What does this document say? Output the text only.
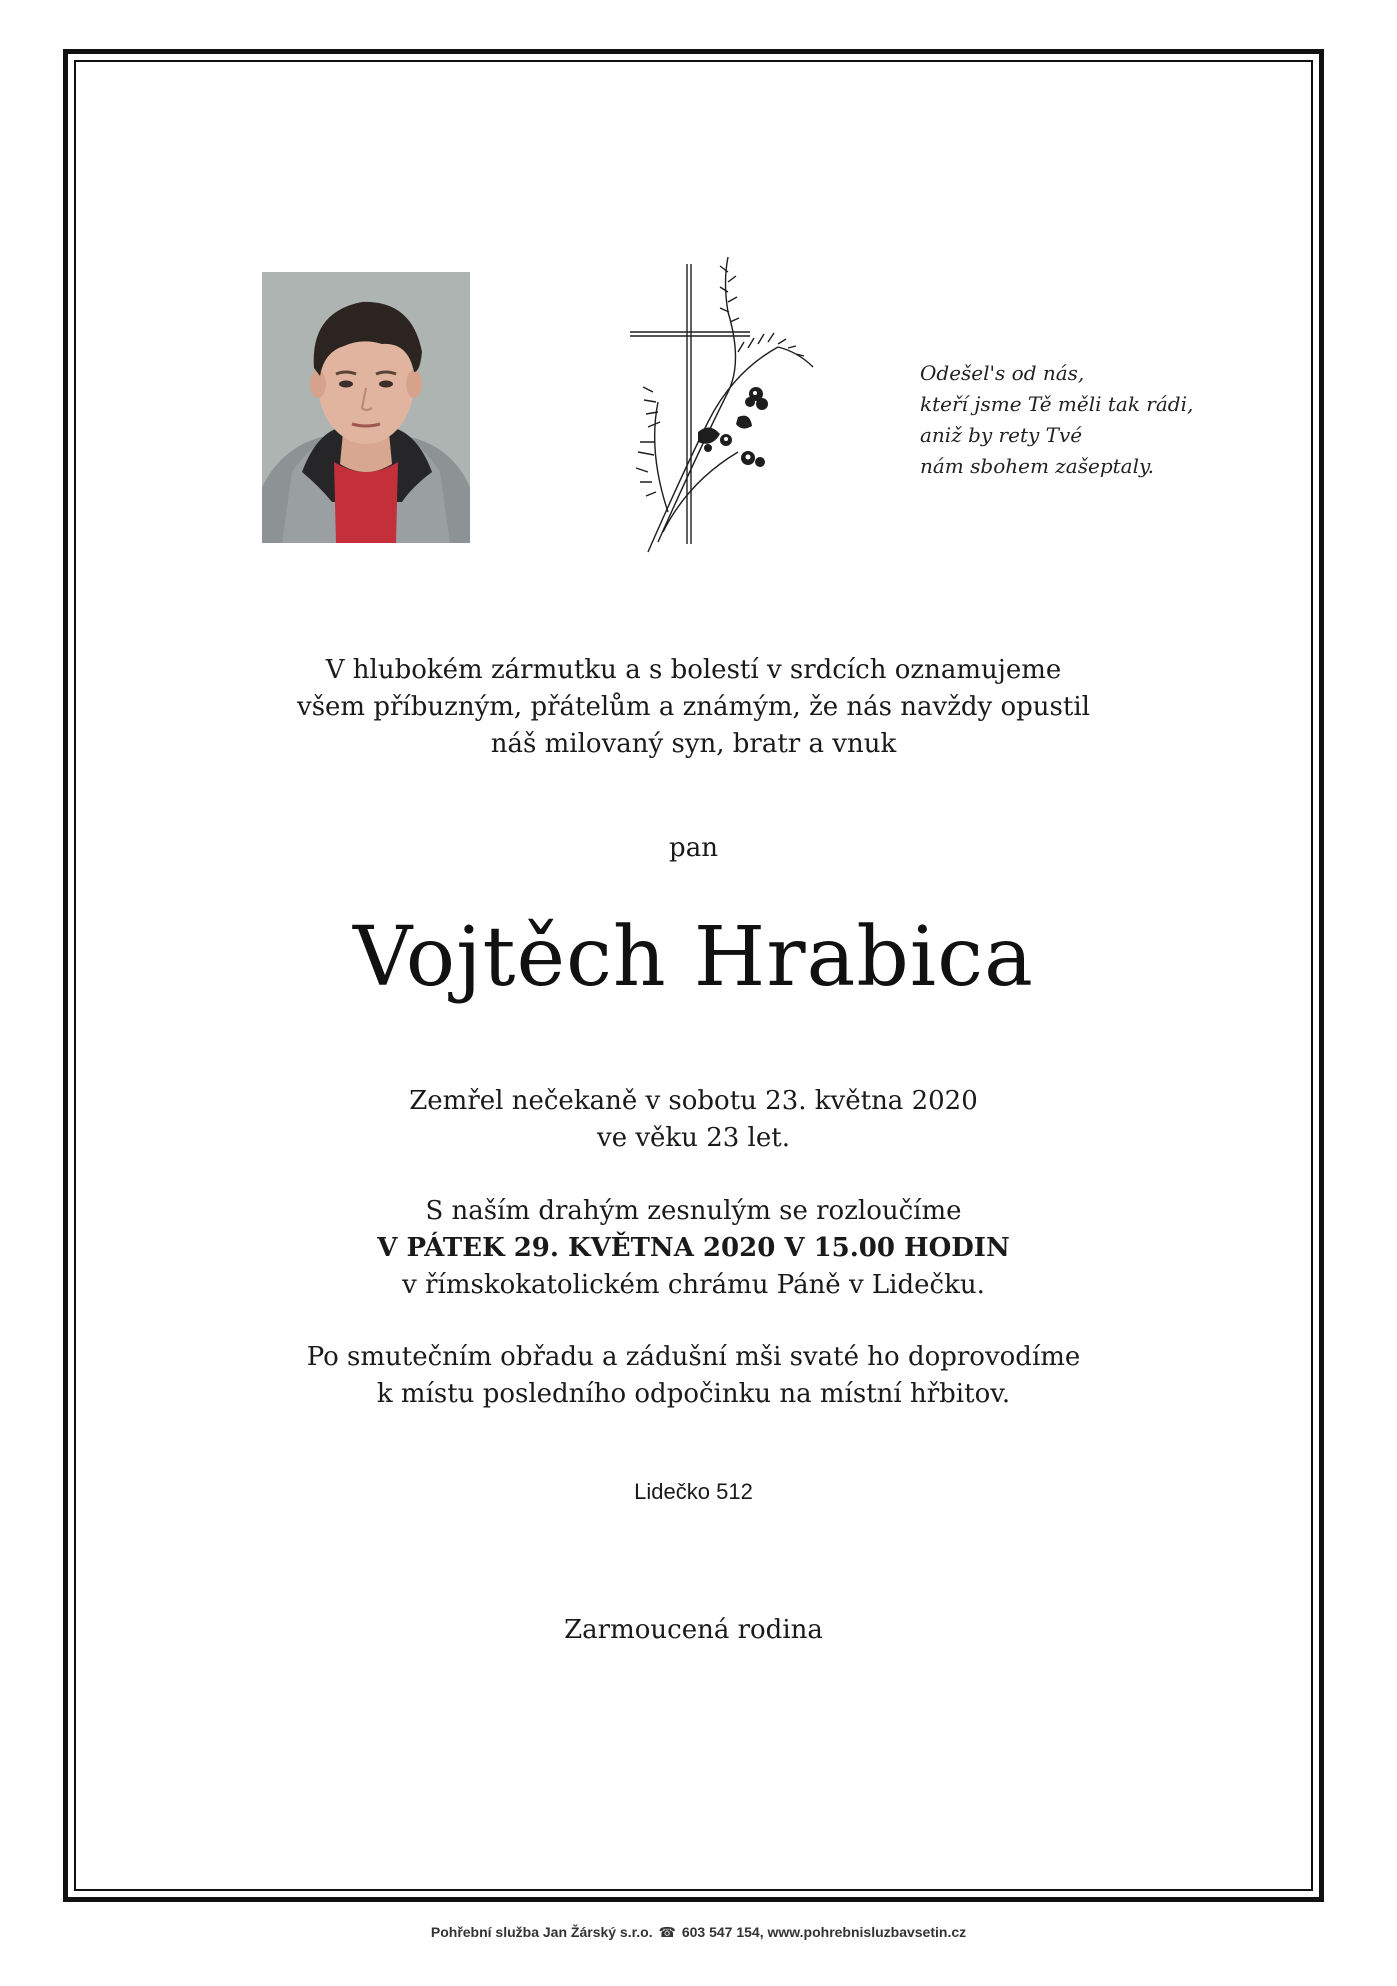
Odešel's od nás,
kteří jsme Tě měli tak rádi,
aniž by rety Tvé
nám sbohem zašeptaly.
V hlubokém zármutku a s bolestí v srdcích oznamujeme
všem příbuzným, přátelům a známým, že nás navždy opustil
náš milovaný syn, bratr a vnuk
pan
Vojtěch Hrabica
Zemřel nečekaně v sobotu 23. května 2020
ve věku 23 let.
S naším drahým zesnulým se rozloučíme
V PÁTEK 29. KVĚTNA 2020 V 15.00 HODIN
v římskokatolickém chrámu Páně v Lidečku.
Po smutečním obřadu a zádušní mši svaté ho doprovodíme
k místu posledního odpočinku na místní hřbitov.
Lidečko 512
Zarmoucená rodina
Pohřební služba Jan Žárský s.r.o. ☎ 603 547 154, www.pohrebnisluzbavsetin.cz
